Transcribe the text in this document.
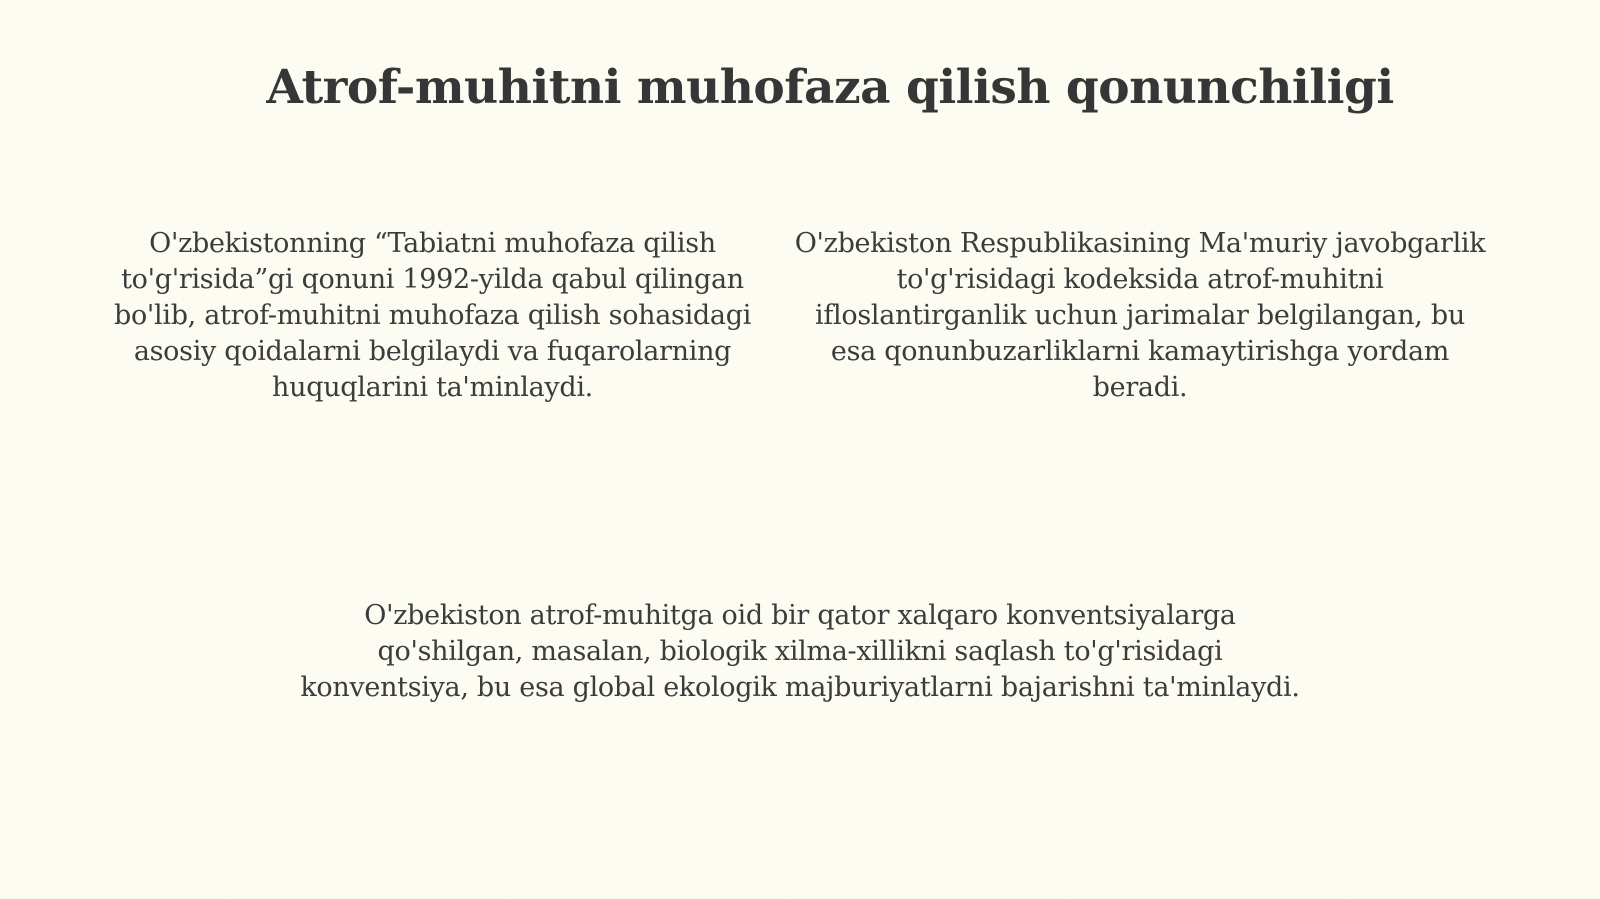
Atrof-muhitni muhofaza qilish qonunchiligi

O'zbekistonning “Tabiatni muhofaza qilish to'g'risida”gi qonuni 1992-yilda qabul qilingan bo'lib, atrof-muhitni muhofaza qilish sohasidagi asosiy qoidalarni belgilaydi va fuqarolarning huquqlarini ta'minlaydi.

O'zbekiston Respublikasining Ma'muriy javobgarlik to'g'risidagi kodeksida atrof-muhitni ifloslantirganlik uchun jarimalar belgilangan, bu esa qonunbuzarliklarni kamaytirishga yordam beradi.

O'zbekiston atrof-muhitga oid bir qator xalqaro konventsiyalarga qo'shilgan, masalan, biologik xilma-xillikni saqlash to'g'risidagi konventsiya, bu esa global ekologik majburiyatlarni bajarishni ta'minlaydi.
